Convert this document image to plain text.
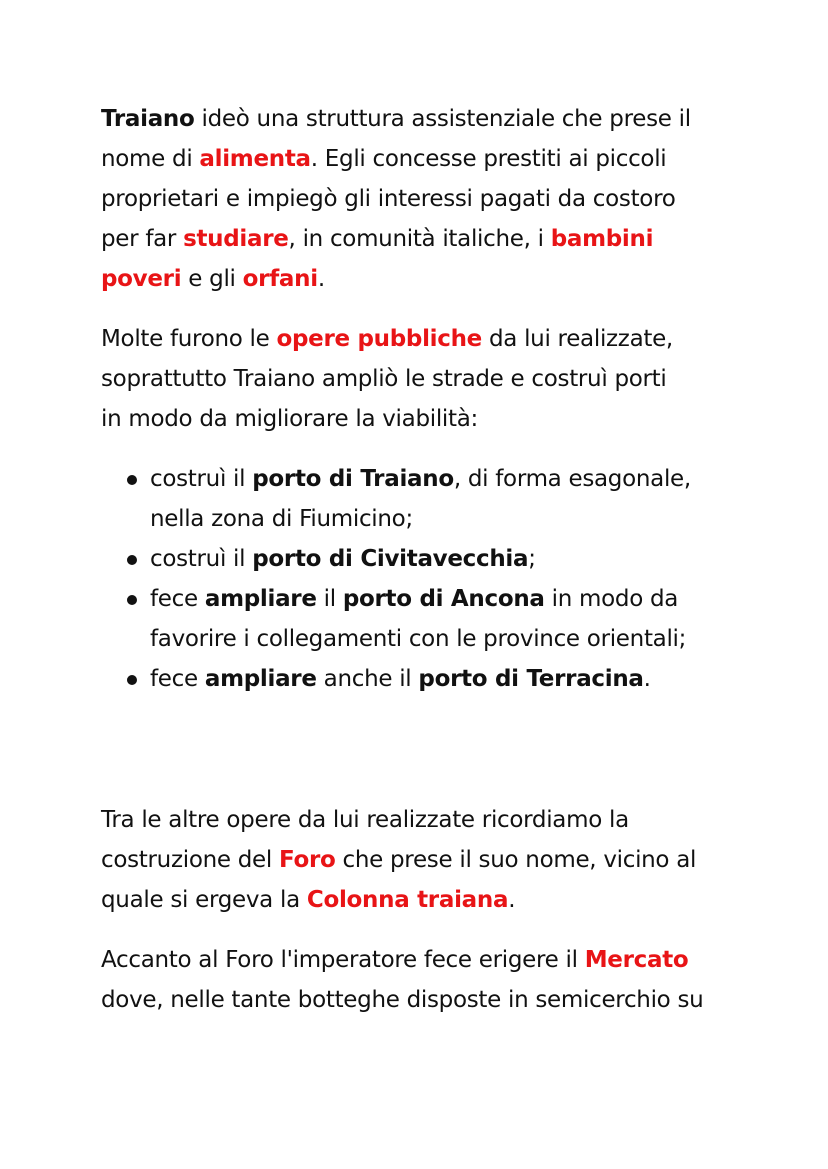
Traiano ideò una struttura assistenziale che prese il
nome di alimenta. Egli concesse prestiti ai piccoli
proprietari e impiegò gli interessi pagati da costoro
per far studiare, in comunità italiche, i bambini
poveri e gli orfani.

Molte furono le opere pubbliche da lui realizzate,
soprattutto Traiano ampliò le strade e costruì porti
in modo da migliorare la viabilità:

costruì il porto di Traiano, di forma esagonale,
nella zona di Fiumicino;
costruì il porto di Civitavecchia;
fece ampliare il porto di Ancona in modo da
favorire i collegamenti con le province orientali;
fece ampliare anche il porto di Terracina.

Tra le altre opere da lui realizzate ricordiamo la
costruzione del Foro che prese il suo nome, vicino al
quale si ergeva la Colonna traiana.

Accanto al Foro l'imperatore fece erigere il Mercato
dove, nelle tante botteghe disposte in semicerchio su
